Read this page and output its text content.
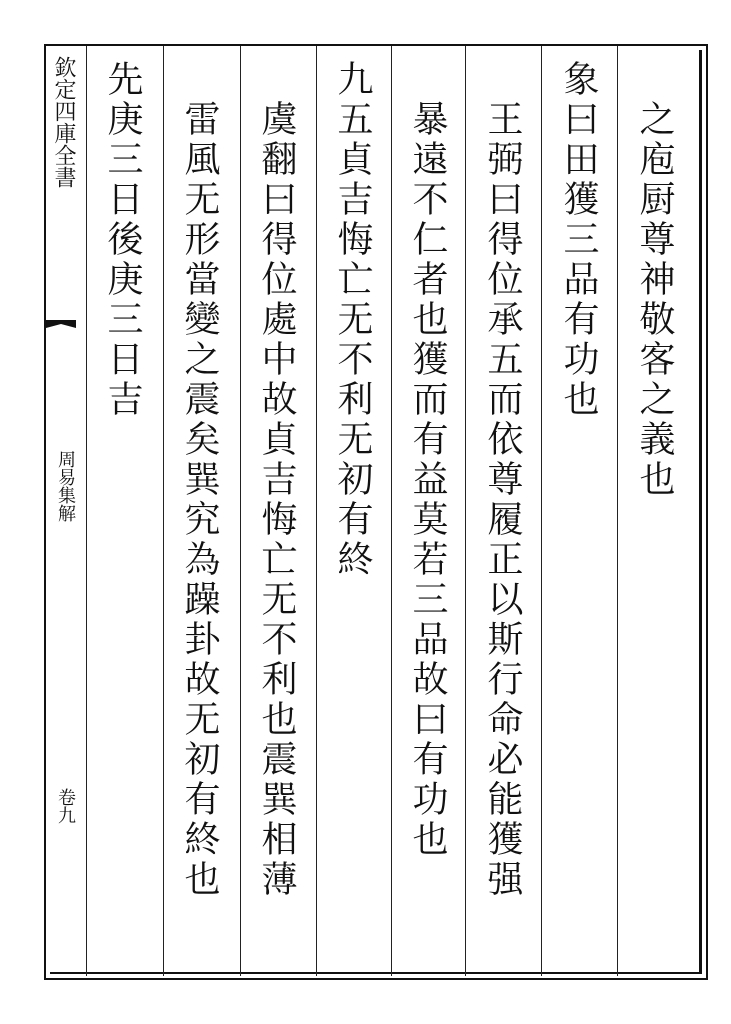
欽定四庫全書
周易集解
卷九
之庖厨尊神敬客之義也
象曰田獲三品有功也
王弼曰得位承五而依尊履正以斯行命必能獲强
暴遠不仁者也獲而有益莫若三品故曰有功也
九五貞吉悔亡无不利无初有終
虞翻曰得位處中故貞吉悔亡无不利也震巽相薄
雷風无形當變之震矣巽究為躁卦故无初有終也
先庚三日後庚三日吉
